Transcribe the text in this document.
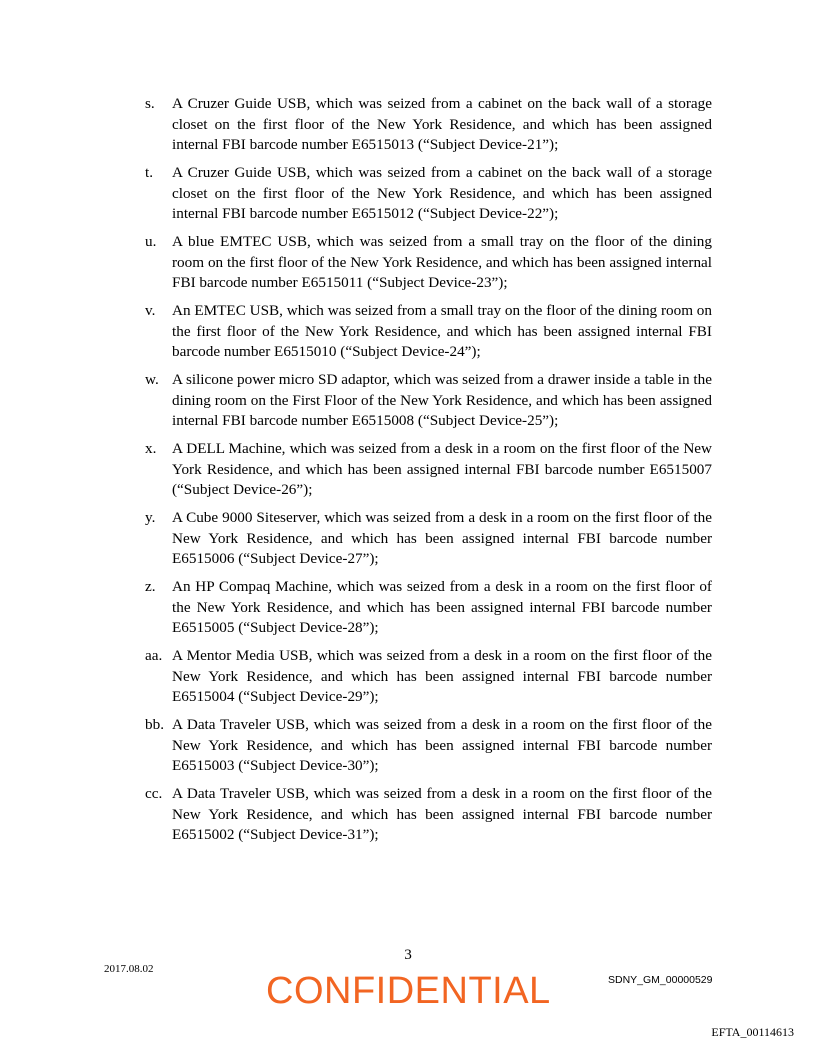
s. A Cruzer Guide USB, which was seized from a cabinet on the back wall of a storage closet on the first floor of the New York Residence, and which has been assigned internal FBI barcode number E6515013 (“Subject Device-21”);
t. A Cruzer Guide USB, which was seized from a cabinet on the back wall of a storage closet on the first floor of the New York Residence, and which has been assigned internal FBI barcode number E6515012 (“Subject Device-22”);
u. A blue EMTEC USB, which was seized from a small tray on the floor of the dining room on the first floor of the New York Residence, and which has been assigned internal FBI barcode number E6515011 (“Subject Device-23”);
v. An EMTEC USB, which was seized from a small tray on the floor of the dining room on the first floor of the New York Residence, and which has been assigned internal FBI barcode number E6515010 (“Subject Device-24”);
w. A silicone power micro SD adaptor, which was seized from a drawer inside a table in the dining room on the First Floor of the New York Residence, and which has been assigned internal FBI barcode number E6515008 (“Subject Device-25”);
x. A DELL Machine, which was seized from a desk in a room on the first floor of the New York Residence, and which has been assigned internal FBI barcode number E6515007 (“Subject Device-26”);
y. A Cube 9000 Siteserver, which was seized from a desk in a room on the first floor of the New York Residence, and which has been assigned internal FBI barcode number E6515006 (“Subject Device-27”);
z. An HP Compaq Machine, which was seized from a desk in a room on the first floor of the New York Residence, and which has been assigned internal FBI barcode number E6515005 (“Subject Device-28”);
aa. A Mentor Media USB, which was seized from a desk in a room on the first floor of the New York Residence, and which has been assigned internal FBI barcode number E6515004 (“Subject Device-29”);
bb. A Data Traveler USB, which was seized from a desk in a room on the first floor of the New York Residence, and which has been assigned internal FBI barcode number E6515003 (“Subject Device-30”);
cc. A Data Traveler USB, which was seized from a desk in a room on the first floor of the New York Residence, and which has been assigned internal FBI barcode number E6515002 (“Subject Device-31”);
3
2017.08.02
CONFIDENTIAL	SDNY_GM_00000529
EFTA_00114613
